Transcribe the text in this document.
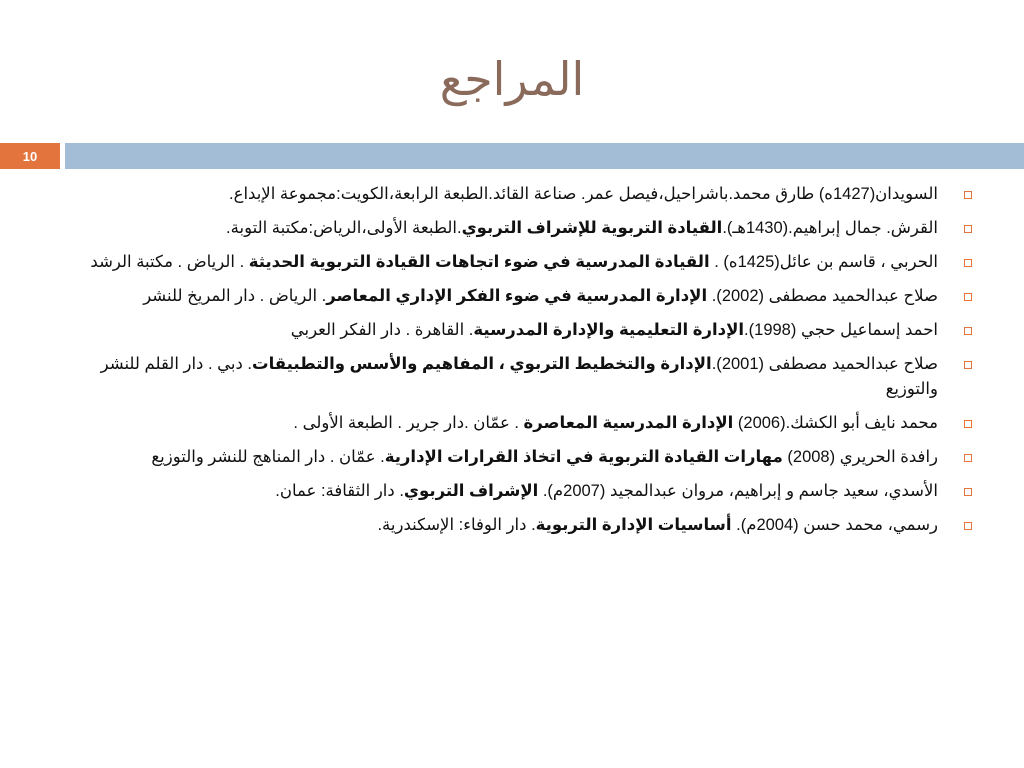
المراجع
10
السويدان(1427ه) طارق محمد.باشراحيل،فيصل عمر. صناعة القائد.الطبعة الرابعة،الكويت:مجموعة الإبداع.
القرش. جمال إبراهيم.(1430هـ).القيادة التربوية للإشراف التربوي.الطبعة الأولى،الرياض:مكتبة التوبة.
الحربي ، قاسم بن عائل(1425ه) . القيادة المدرسية في ضوء اتجاهات القيادة التربوية الحديثة . الرياض . مكتبة الرشد
صلاح عبدالحميد مصطفى (2002). الإدارة المدرسية في ضوء الفكر الإداري المعاصر. الرياض . دار المريخ للنشر
احمد إسماعيل حجي (1998).الإدارة التعليمية والإدارة المدرسية. القاهرة . دار الفكر العربي
صلاح عبدالحميد مصطفى (2001).الإدارة والتخطيط التربوي ، المفاهيم والأسس والتطبيقات. دبي . دار القلم للنشر والتوزيع
محمد نايف أبو الكشك.(2006) الإدارة المدرسية المعاصرة . عمّان .دار جرير . الطبعة الأولى .
رافدة الحريري (2008) مهارات القيادة التربوية في اتخاذ القرارات الإدارية. عمّان . دار المناهج للنشر والتوزيع
الأسدي، سعيد جاسم و إبراهيم، مروان عبدالمجيد (2007م). الإشراف التربوي. دار الثقافة: عمان.
رسمي، محمد حسن (2004م). أساسيات الإدارة التربوية. دار الوفاء: الإسكندرية.
